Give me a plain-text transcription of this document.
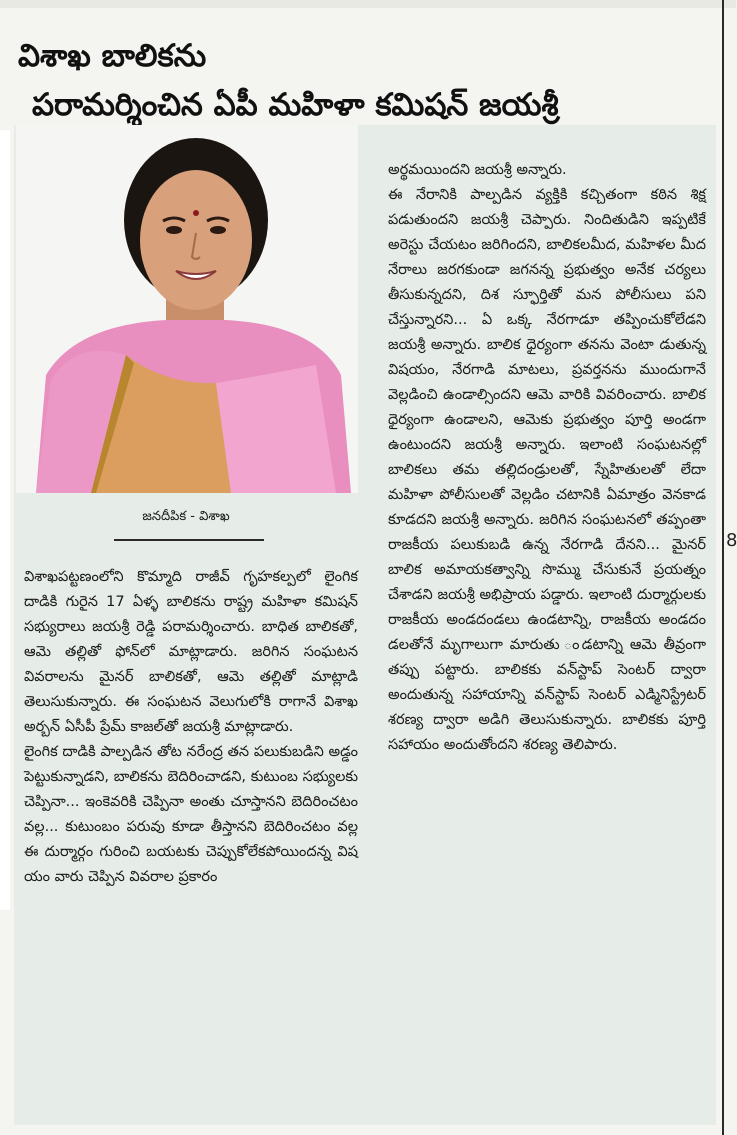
విశాఖ బాలికను
పరామర్శించిన ఏపీ మహిళా కమిషన్ జయశ్రీ
జనదీపిక - విశాఖ

విశాఖపట్టణంలోని కొమ్మాది రాజీవ్ గృహకల్పలో లైంగిక దాడికి గురైన 17 ఏళ్ళ బాలికను రాష్ట్ర మహిళా కమిషన్ సభ్యురాలు జయశ్రీ రెడ్డి పరామర్శించారు. బాధిత బాలికతో, ఆమె తల్లితో ఫోన్‌లో మాట్లాడారు. జరిగిన సంఘటన వివరాలను మైనర్ బాలికతో, ఆమె తల్లితో మాట్లాడి తెలుసుకున్నారు. ఈ సంఘటన వెలుగులోకి రాగానే విశాఖ అర్బన్ ఏసీపీ ప్రేమ్ కాజల్‌తో జయశ్రీ మాట్లాడారు.

లైంగిక దాడికి పాల్పడిన తోట నరేంద్ర తన పలుకుబడిని అడ్డం పెట్టుకున్నాడని, బాలికను బెదిరించాడని, కుటుంబ సభ్యులకు చెప్పినా... ఇంకెవరికి చెప్పినా అంతు చూస్తానని బెదిరించటం వల్ల... కుటుంబం పరువు కూడా తీస్తానని బెదిరించటం వల్ల ఈ దుర్మార్గం గురించి బయటకు చెప్పుకోలేకపోయిందన్న విష యం వారు చెప్పిన వివరాల ప్రకారం

అర్థమయిందని జయశ్రీ అన్నారు.

ఈ నేరానికి పాల్పడిన వ్యక్తికి కచ్చితంగా కఠిన శిక్ష పడుతుందని జయశ్రీ చెప్పారు. నిందితుడిని ఇప్పటికే అరెస్టు చేయటం జరిగిందని, బాలికలమీద, మహిళల మీద నేరాలు జరగకుండా జగనన్న ప్రభుత్వం అనేక చర్యలు తీసుకున్నదని, దిశ స్ఫూర్తితో మన పోలీసులు పని చేస్తున్నారని... ఏ ఒక్క నేరగాడూ తప్పించుకోలేడని జయశ్రీ అన్నారు. బాలిక ధైర్యంగా తనను వెంటా డుతున్న విషయం, నేరగాడి మాటలు, ప్రవర్తనను ముందుగానే వెల్లడించి ఉండాల్సిందని ఆమె వారికి వివరించారు. బాలిక ధైర్యంగా ఉండాలని, ఆమెకు ప్రభుత్వం పూర్తి అండగా ఉంటుందని జయశ్రీ అన్నారు. ఇలాంటి సంఘటనల్లో బాలికలు తమ తల్లిదండ్రులతో, స్నేహితులతో లేదా మహిళా పోలీసులతో వెల్లడిం చటానికి ఏమాత్రం వెనకాడ కూడదని జయశ్రీ అన్నారు. జరిగిన సంఘటనలో తప్పంతా రాజకీయ పలుకుబడి ఉన్న నేరగాడి దేనని... మైనర్ బాలిక అమాయకత్వాన్ని సొమ్ము చేసుకునే ప్రయత్నం చేశాడని జయశ్రీ అభిప్రాయ పడ్డారు. ఇలాంటి దుర్మార్గులకు రాజకీయ అండదండలు ఉండటాన్ని, రాజకీయ అండదం డలతోనే మృగాలుగా మారుతు ండటాన్ని ఆమె తీవ్రంగా తప్పు పట్టారు. బాలికకు వన్‌స్టాప్ సెంటర్ ద్వారా అందుతున్న సహాయాన్ని వన్‌స్టాప్ సెంటర్ ఎడ్మినిస్ట్రేటర్ శరణ్య ద్వారా అడిగి తెలుసుకున్నారు. బాలికకు పూర్తి సహాయం అందుతోందని శరణ్య తెలిపారు.

8
